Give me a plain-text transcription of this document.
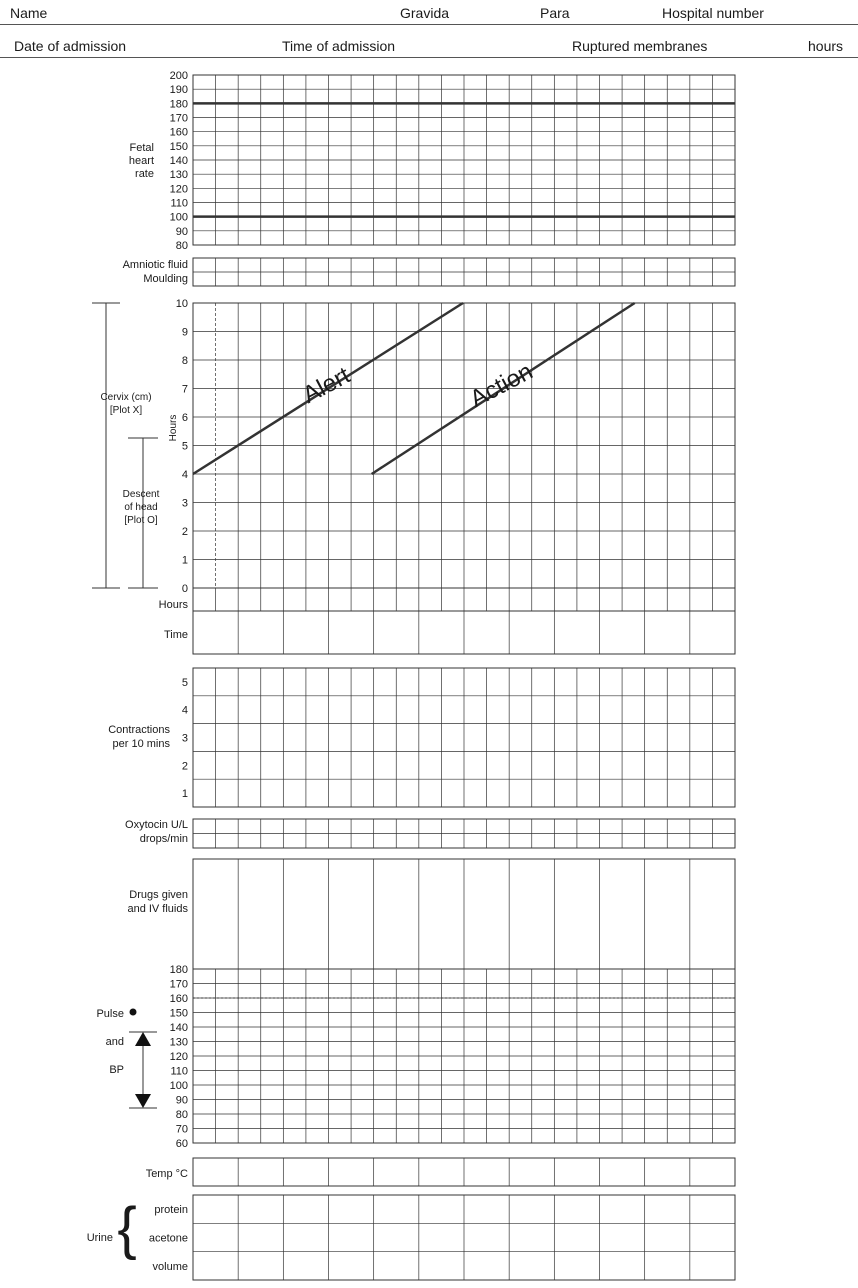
Name	Gravida	Para	Hospital number
Date of admission	Time of admission	Ruptured membranes	hours
200
190
180
170
160
150
140
130
120
110
100
90
80
Fetal
heart
rate
Amniotic fluid
Moulding
10
9
8
7
6
5
4
3
2
1
0
Hours
Time
Alert	Action
Cervix (cm)
[Plot X]
Descent
of head
[Plot O]
Hours
5
4
3
2
1
Contractions
per 10 mins
Oxytocin U/L
drops/min
Drugs given
and IV fluids
180
170
160
150
140
130
120
110
100
90
80
70
60
Pulse
and
BP
Temp °C
protein
acetone
volume
Urine {
